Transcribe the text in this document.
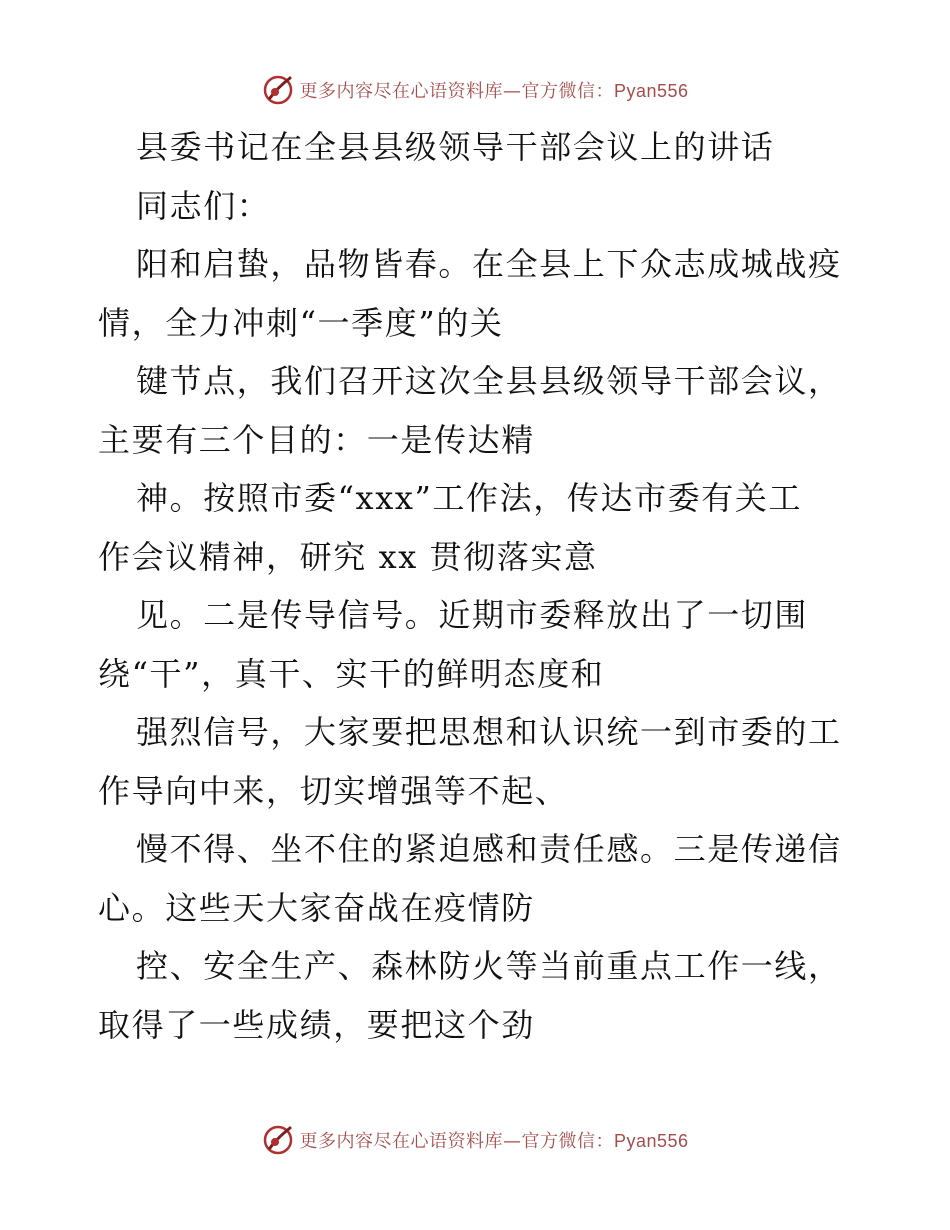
更多内容尽在心语资料库—官方微信：Pyan556
县委书记在全县县级领导干部会议上的讲话
同志们：
阳和启蛰，品物皆春。在全县上下众志成城战疫
情，全力冲刺“一季度”的关
键节点，我们召开这次全县县级领导干部会议，
主要有三个目的：一是传达精
神。按照市委“xxx”工作法，传达市委有关工
作会议精神，研究 xx 贯彻落实意
见。二是传导信号。近期市委释放出了一切围
绕“干”，真干、实干的鲜明态度和
强烈信号，大家要把思想和认识统一到市委的工
作导向中来，切实增强等不起、
慢不得、坐不住的紧迫感和责任感。三是传递信
心。这些天大家奋战在疫情防
控、安全生产、森林防火等当前重点工作一线，
取得了一些成绩，要把这个劲
更多内容尽在心语资料库—官方微信：Pyan556
